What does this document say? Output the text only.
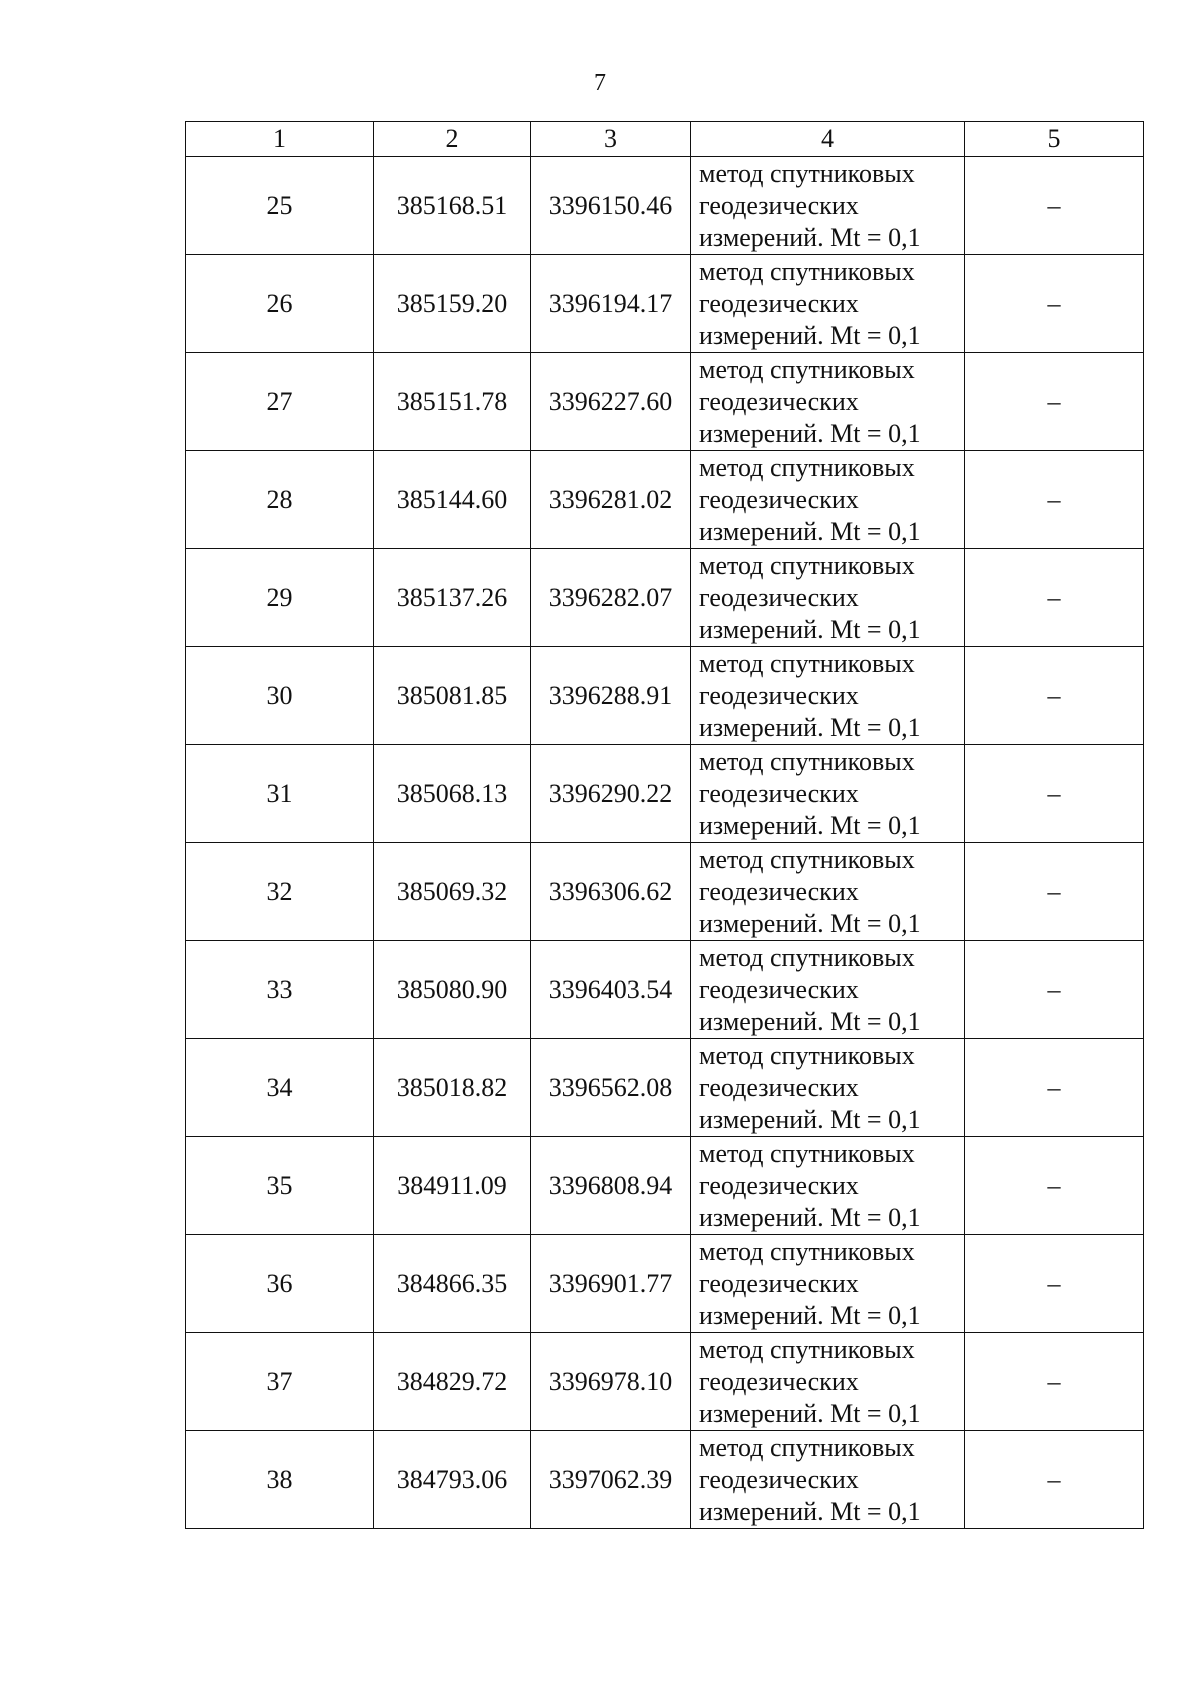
7
1	2	3	4	5
25	385168.51	3396150.46	метод спутниковых
геодезических
измерений. Mt = 0,1	–
26	385159.20	3396194.17	метод спутниковых
геодезических
измерений. Mt = 0,1	–
27	385151.78	3396227.60	метод спутниковых
геодезических
измерений. Mt = 0,1	–
28	385144.60	3396281.02	метод спутниковых
геодезических
измерений. Mt = 0,1	–
29	385137.26	3396282.07	метод спутниковых
геодезических
измерений. Mt = 0,1	–
30	385081.85	3396288.91	метод спутниковых
геодезических
измерений. Mt = 0,1	–
31	385068.13	3396290.22	метод спутниковых
геодезических
измерений. Mt = 0,1	–
32	385069.32	3396306.62	метод спутниковых
геодезических
измерений. Mt = 0,1	–
33	385080.90	3396403.54	метод спутниковых
геодезических
измерений. Mt = 0,1	–
34	385018.82	3396562.08	метод спутниковых
геодезических
измерений. Mt = 0,1	–
35	384911.09	3396808.94	метод спутниковых
геодезических
измерений. Mt = 0,1	–
36	384866.35	3396901.77	метод спутниковых
геодезических
измерений. Mt = 0,1	–
37	384829.72	3396978.10	метод спутниковых
геодезических
измерений. Mt = 0,1	–
38	384793.06	3397062.39	метод спутниковых
геодезических
измерений. Mt = 0,1	–
